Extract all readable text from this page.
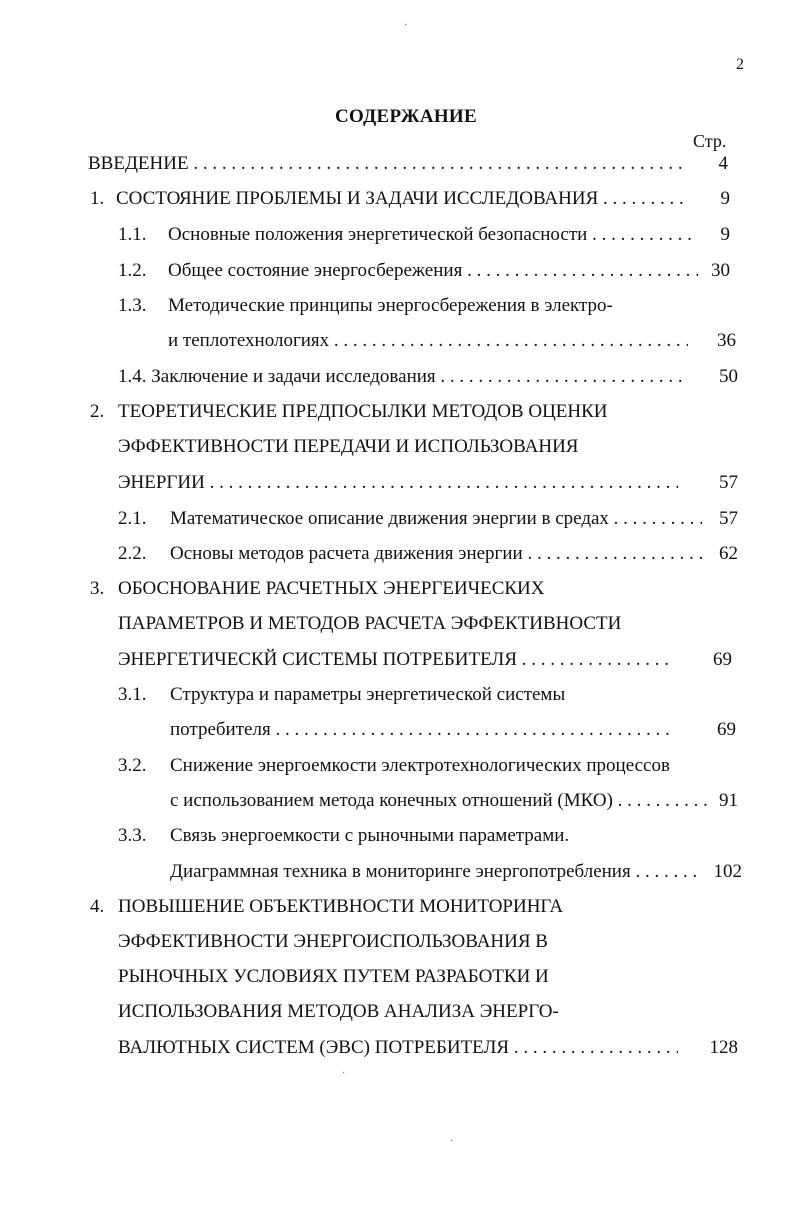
2
СОДЕРЖАНИЕ
Стр.
ВВЕДЕНИЕ . . .	4
1. СОСТОЯНИЕ ПРОБЛЕМЫ И ЗАДАЧИ ИССЛЕДОВАНИЯ . . .	9
1.1. Основные положения энергетической безопасности . . .	9
1.2. Общее состояние энергосбережения . . .	30
1.3. Методические принципы энергосбережения в электро-
и теплотехнологиях . . .	36
1.4. Заключение и задачи исследования . . .	50
2. ТЕОРЕТИЧЕСКИЕ ПРЕДПОСЫЛКИ МЕТОДОВ ОЦЕНКИ
ЭФФЕКТИВНОСТИ ПЕРЕДАЧИ И ИСПОЛЬЗОВАНИЯ
ЭНЕРГИИ . . .	57
2.1. Математическое описание движения энергии в средах . . .	57
2.2. Основы методов расчета движения энергии . . .	62
3. ОБОСНОВАНИЕ РАСЧЕТНЫХ ЭНЕРГЕИЧЕСКИХ
ПАРАМЕТРОВ И МЕТОДОВ РАСЧЕТА ЭФФЕКТИВНОСТИ
ЭНЕРГЕТИЧЕСКЙ СИСТЕМЫ ПОТРЕБИТЕЛЯ . . .	69
3.1. Структура и параметры энергетической системы
потребителя . . .	69
3.2. Снижение энергоемкости электротехнологических процессов
с использованием метода конечных отношений (МКО) . . .	91
3.3. Связь энергоемкости с рыночными параметрами.
Диаграммная техника в мониторинге энергопотребления . . .	102
4. ПОВЫШЕНИЕ ОБЪЕКТИВНОСТИ МОНИТОРИНГА
ЭФФЕКТИВНОСТИ ЭНЕРГОИСПОЛЬЗОВАНИЯ В
РЫНОЧНЫХ УСЛОВИЯХ ПУТЕМ РАЗРАБОТКИ И
ИСПОЛЬЗОВАНИЯ МЕТОДОВ АНАЛИЗА ЭНЕРГО-
ВАЛЮТНЫХ СИСТЕМ (ЭВС) ПОТРЕБИТЕЛЯ . . .	128
·
·
·
